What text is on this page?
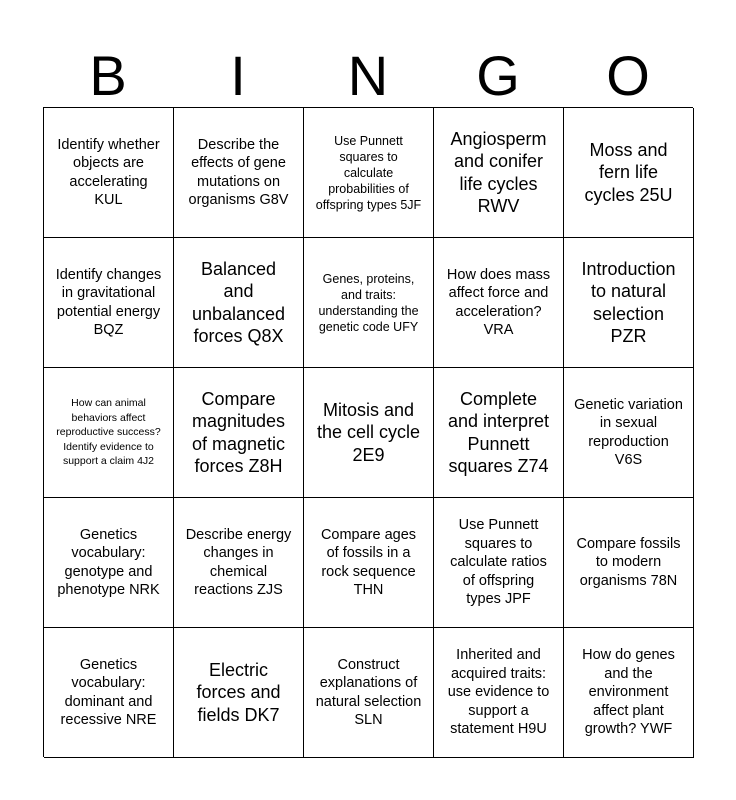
B	I	N	G	O
Identify whether objects are accelerating KUL
Describe the effects of gene mutations on organisms G8V
Use Punnett squares to calculate probabilities of offspring types 5JF
Angiosperm and conifer life cycles RWV
Moss and fern life cycles 25U
Identify changes in gravitational potential energy BQZ
Balanced and unbalanced forces Q8X
Genes, proteins, and traits: understanding the genetic code UFY
How does mass affect force and acceleration? VRA
Introduction to natural selection PZR
How can animal behaviors affect reproductive success? Identify evidence to support a claim 4J2
Compare magnitudes of magnetic forces Z8H
Mitosis and the cell cycle 2E9
Complete and interpret Punnett squares Z74
Genetic variation in sexual reproduction V6S
Genetics vocabulary: genotype and phenotype NRK
Describe energy changes in chemical reactions ZJS
Compare ages of fossils in a rock sequence THN
Use Punnett squares to calculate ratios of offspring types JPF
Compare fossils to modern organisms 78N
Genetics vocabulary: dominant and recessive NRE
Electric forces and fields DK7
Construct explanations of natural selection SLN
Inherited and acquired traits: use evidence to support a statement H9U
How do genes and the environment affect plant growth? YWF
